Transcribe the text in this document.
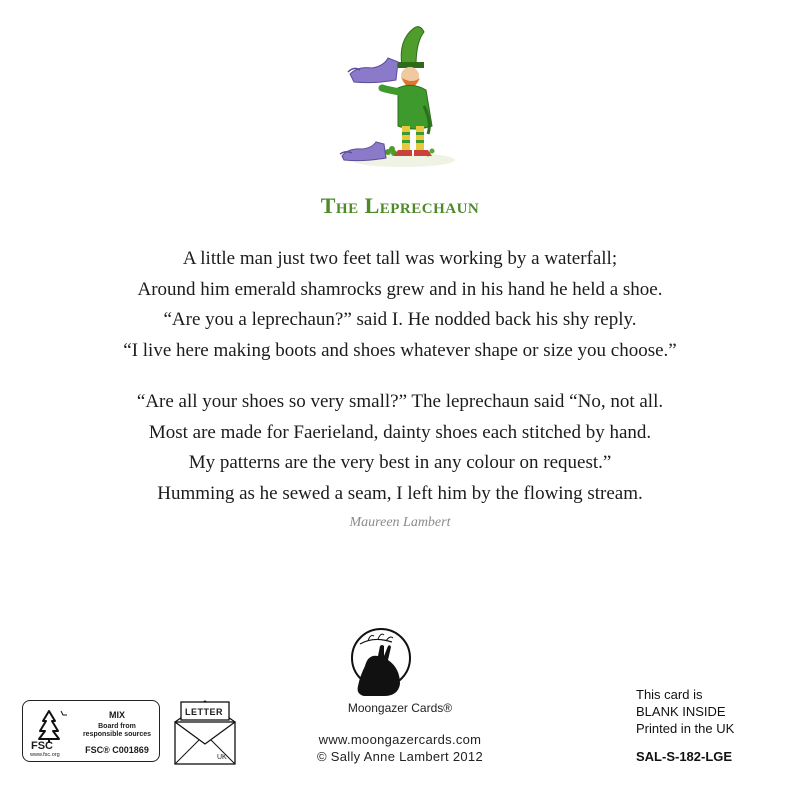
The Leprechaun
A little man just two feet tall was working by a waterfall;
Around him emerald shamrocks grew and in his hand he held a shoe.
“Are you a leprechaun?” said I. He nodded back his shy reply.
“I live here making boots and shoes whatever shape or size you choose.”
“Are all your shoes so very small?” The leprechaun said “No, not all.
Most are made for Faerieland, dainty shoes each stitched by hand.
My patterns are the very best in any colour on request.”
Humming as he sewed a seam, I left him by the flowing stream.
Maureen Lambert
Moongazer Cards®
www.moongazercards.com
© Sally Anne Lambert 2012
FSC
www.fsc.org
MIX
Board from
responsible sources
FSC® C001869
LETTER
UK
This card is
BLANK INSIDE
Printed in the UK
SAL-S-182-LGE
